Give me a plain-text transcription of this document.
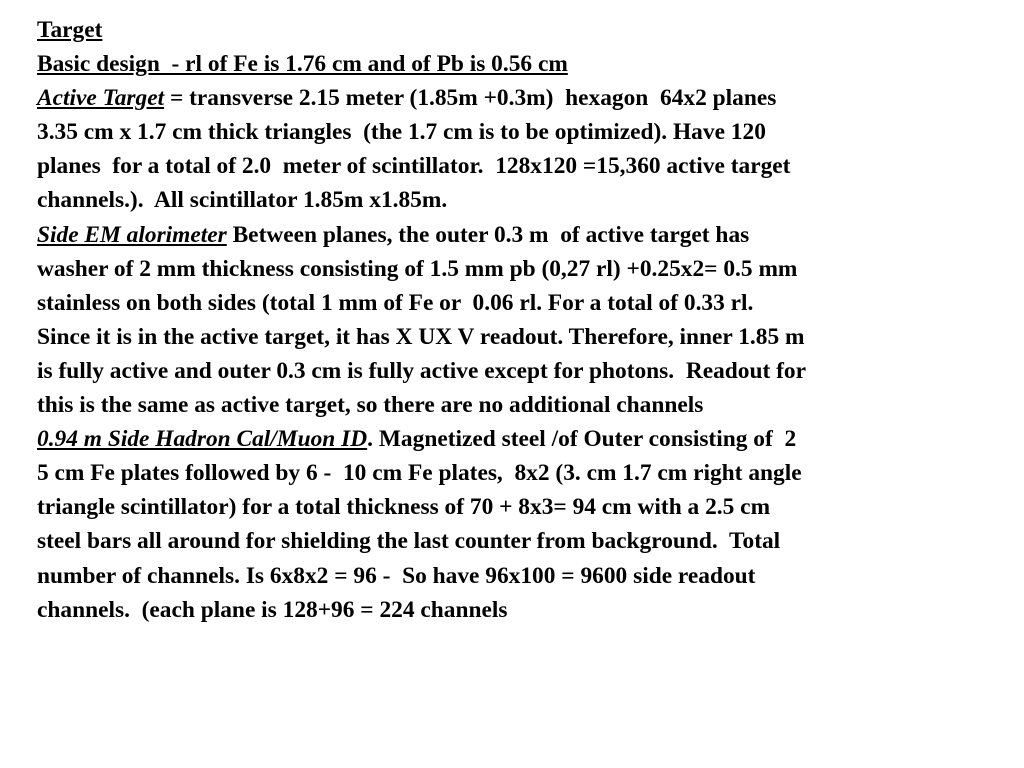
Target
Basic design  - rl of Fe is 1.76 cm and of Pb is 0.56 cm
Active Target = transverse 2.15 meter (1.85m +0.3m)  hexagon  64x2 planes
3.35 cm x 1.7 cm thick triangles  (the 1.7 cm is to be optimized). Have 120
planes  for a total of 2.0  meter of scintillator.  128x120 =15,360 active target
channels.).  All scintillator 1.85m x1.85m.
Side EM alorimeter Between planes, the outer 0.3 m  of active target has
washer of 2 mm thickness consisting of 1.5 mm pb (0,27 rl) +0.25x2= 0.5 mm
stainless on both sides (total 1 mm of Fe or  0.06 rl. For a total of 0.33 rl.
Since it is in the active target, it has X UX V readout. Therefore, inner 1.85 m
is fully active and outer 0.3 cm is fully active except for photons.  Readout for
this is the same as active target, so there are no additional channels
0.94 m Side Hadron Cal/Muon ID. Magnetized steel /of Outer consisting of  2
5 cm Fe plates followed by 6 -  10 cm Fe plates,  8x2 (3. cm 1.7 cm right angle
triangle scintillator) for a total thickness of 70 + 8x3= 94 cm with a 2.5 cm
steel bars all around for shielding the last counter from background.  Total
number of channels. Is 6x8x2 = 96 -  So have 96x100 = 9600 side readout
channels.  (each plane is 128+96 = 224 channels
